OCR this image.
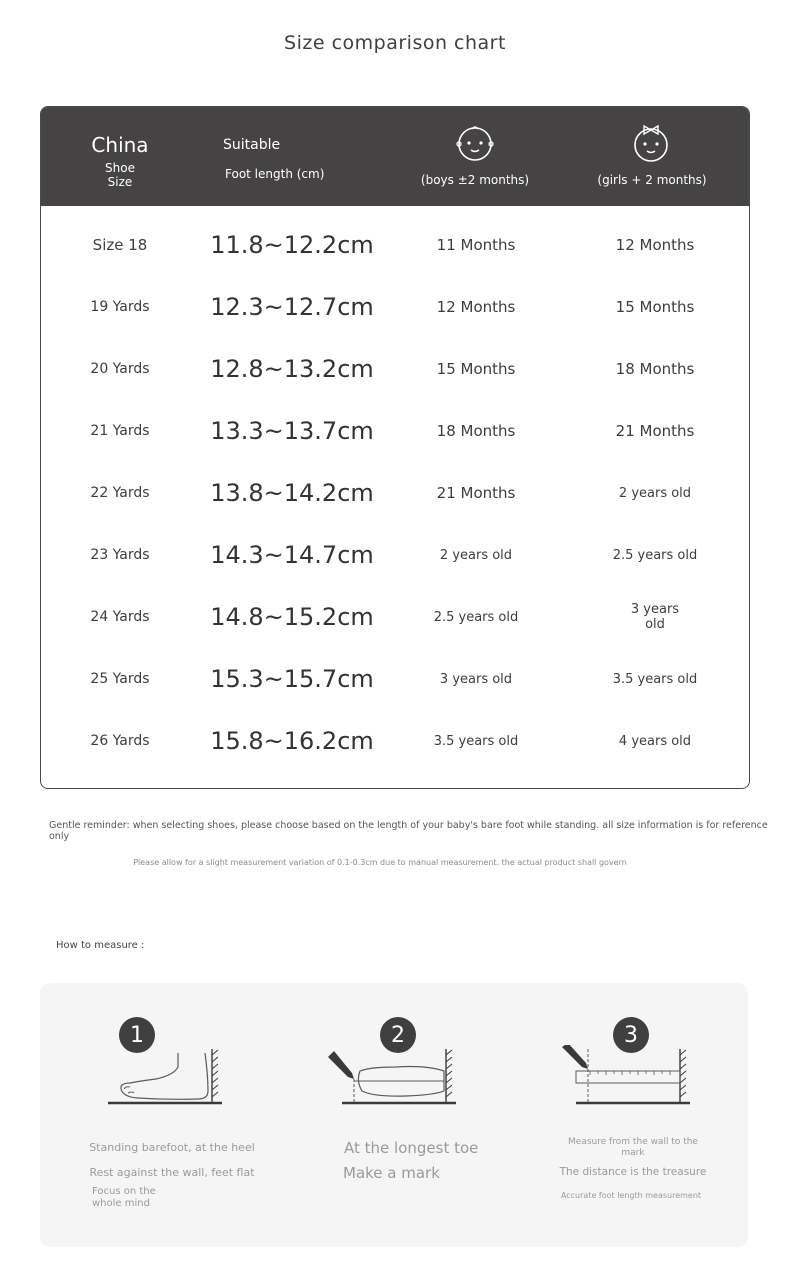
Size comparison chart
China
Shoe
Size
Suitable
Foot length (cm)	(boys ±2 months)	(girls + 2 months)
Size 18	11.8~12.2cm	11 Months	12 Months
19 Yards	12.3~12.7cm	12 Months	15 Months
20 Yards	12.8~13.2cm	15 Months	18 Months
21 Yards	13.3~13.7cm	18 Months	21 Months
22 Yards	13.8~14.2cm	21 Months	2 years old
23 Yards	14.3~14.7cm	2 years old	2.5 years old
24 Yards	14.8~15.2cm	2.5 years old	3 years
old
25 Yards	15.3~15.7cm	3 years old	3.5 years old
26 Yards	15.8~16.2cm	3.5 years old	4 years old
Gentle reminder: when selecting shoes, please choose based on the length of your baby's bare foot while standing. all size information is for reference only
Please allow for a slight measurement variation of 0.1-0.3cm due to manual measurement. the actual product shall govern
How to measure :
1
Standing barefoot, at the heel
Rest against the wall, feet flat
Focus on the
whole mind
2
At the longest toe
Make a mark
3
Measure from the wall to the
mark
The distance is the treasure
Accurate foot length measurement
